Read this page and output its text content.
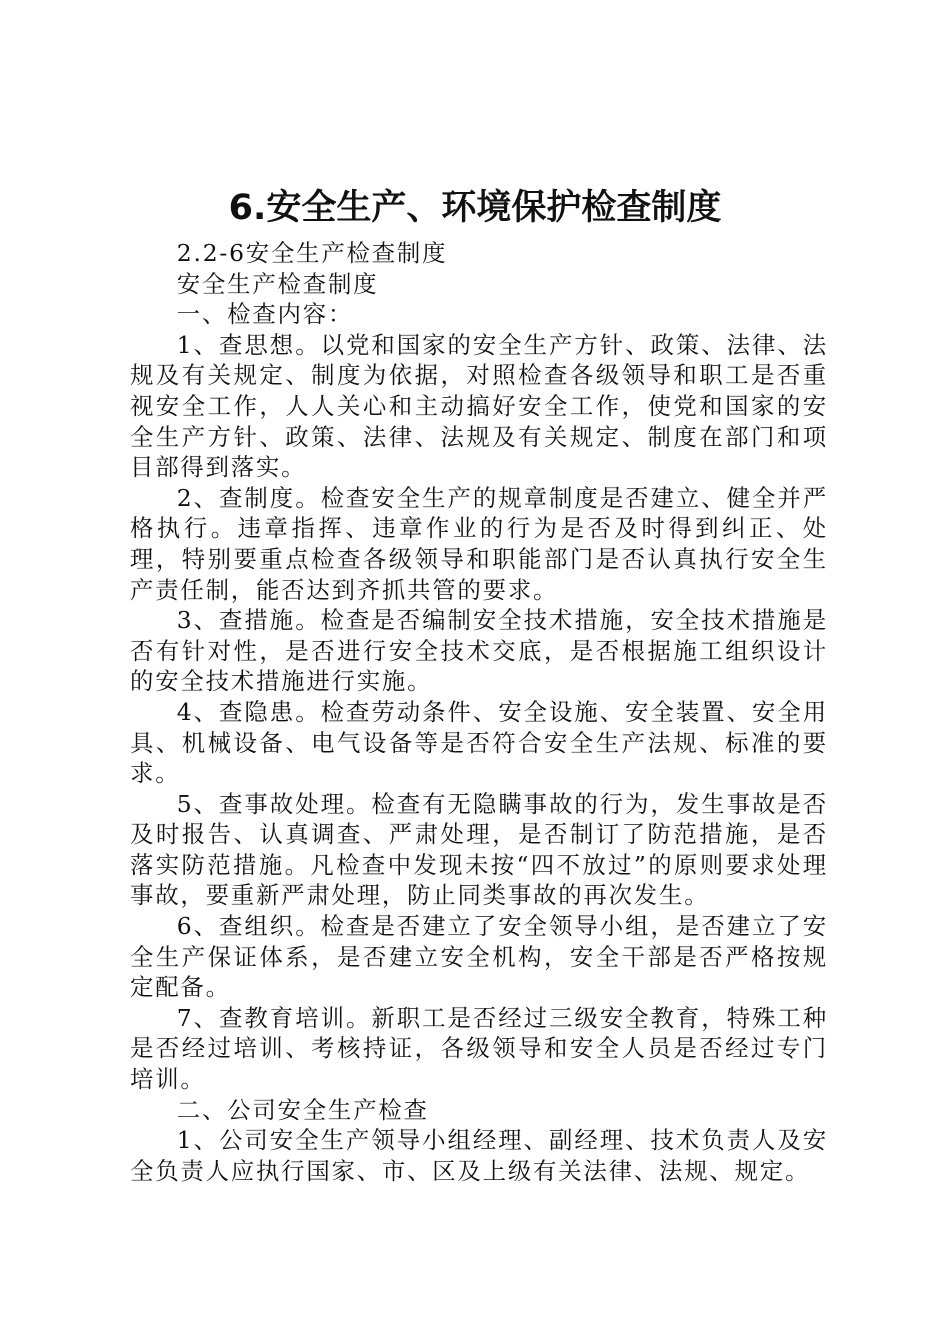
6.安全生产、环境保护检查制度

2.2-6安全生产检查制度

安全生产检查制度

一、检查内容：

1、查思想。以党和国家的安全生产方针、政策、法律、法规及有关规定、制度为依据，对照检查各级领导和职工是否重视安全工作，人人关心和主动搞好安全工作，使党和国家的安全生产方针、政策、法律、法规及有关规定、制度在部门和项目部得到落实。

2、查制度。检查安全生产的规章制度是否建立、健全并严格执行。违章指挥、违章作业的行为是否及时得到纠正、处理，特别要重点检查各级领导和职能部门是否认真执行安全生产责任制，能否达到齐抓共管的要求。

3、查措施。检查是否编制安全技术措施，安全技术措施是否有针对性，是否进行安全技术交底，是否根据施工组织设计的安全技术措施进行实施。

4、查隐患。检查劳动条件、安全设施、安全装置、安全用具、机械设备、电气设备等是否符合安全生产法规、标准的要求。

5、查事故处理。检查有无隐瞒事故的行为，发生事故是否及时报告、认真调查、严肃处理，是否制订了防范措施，是否落实防范措施。凡检查中发现未按“四不放过”的原则要求处理事故，要重新严肃处理，防止同类事故的再次发生。

6、查组织。检查是否建立了安全领导小组，是否建立了安全生产保证体系，是否建立安全机构，安全干部是否严格按规定配备。

7、查教育培训。新职工是否经过三级安全教育，特殊工种是否经过培训、考核持证，各级领导和安全人员是否经过专门培训。

二、公司安全生产检查

1、公司安全生产领导小组经理、副经理、技术负责人及安全负责人应执行国家、市、区及上级有关法律、法规、规定。
